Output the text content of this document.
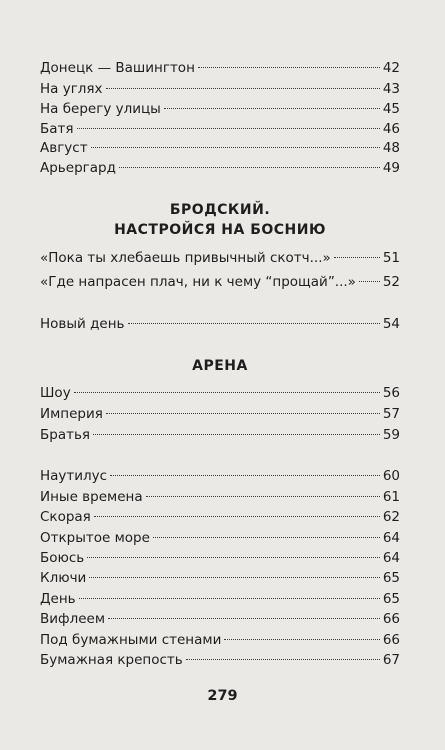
Донецк — Вашингтон	42
На углях	43
На берегу улицы	45
Батя	46
Август	48
Арьергард	49
БРОДСКИЙ.
НАСТРОЙСЯ НА БОСНИЮ
«Пока ты хлебаешь привычный скотч...»	51
«Где напрасен плач, ни к чему “прощай”...» 52
Новый день	54
АРЕНА
Шоу	56
Империя	57
Братья	59
Наутилус	60
Иные времена	61
Скорая	62
Открытое море	64
Боюсь	64
Ключи	65
День	65
Вифлеем	66
Под бумажными стенами	66
Бумажная крепость	67
279
